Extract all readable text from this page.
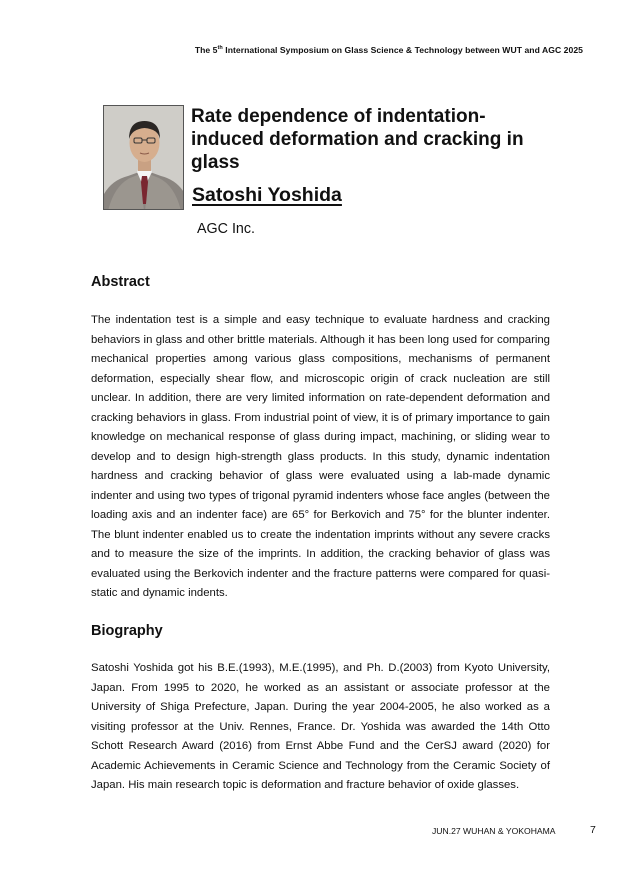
The 5th International Symposium on Glass Science & Technology between WUT and AGC 2025
Rate dependence of indentation-induced deformation and cracking in glass
Satoshi Yoshida
AGC Inc.
Abstract

The indentation test is a simple and easy technique to evaluate hardness and cracking behaviors in glass and other brittle materials. Although it has been long used for comparing mechanical properties among various glass compositions, mechanisms of permanent deformation, especially shear flow, and microscopic origin of crack nucleation are still unclear. In addition, there are very limited information on rate-dependent deformation and cracking behaviors in glass. From industrial point of view, it is of primary importance to gain knowledge on mechanical response of glass during impact, machining, or sliding wear to develop and to design high-strength glass products. In this study, dynamic indentation hardness and cracking behavior of glass were evaluated using a lab-made dynamic indenter and using two types of trigonal pyramid indenters whose face angles (between the loading axis and an indenter face) are 65° for Berkovich and 75° for the blunter indenter. The blunt indenter enabled us to create the indentation imprints without any severe cracks and to measure the size of the imprints. In addition, the cracking behavior of glass was evaluated using the Berkovich indenter and the fracture patterns were compared for quasi-static and dynamic indents.

Biography

Satoshi Yoshida got his B.E.(1993), M.E.(1995), and Ph. D.(2003) from Kyoto University, Japan. From 1995 to 2020, he worked as an assistant or associate professor at the University of Shiga Prefecture, Japan. During the year 2004-2005, he also worked as a visiting professor at the Univ. Rennes, France. Dr. Yoshida was awarded the 14th Otto Schott Research Award (2016) from Ernst Abbe Fund and the CerSJ award (2020) for Academic Achievements in Ceramic Science and Technology from the Ceramic Society of Japan. His main research topic is deformation and fracture behavior of oxide glasses.

JUN.27 WUHAN & YOKOHAMA	7
